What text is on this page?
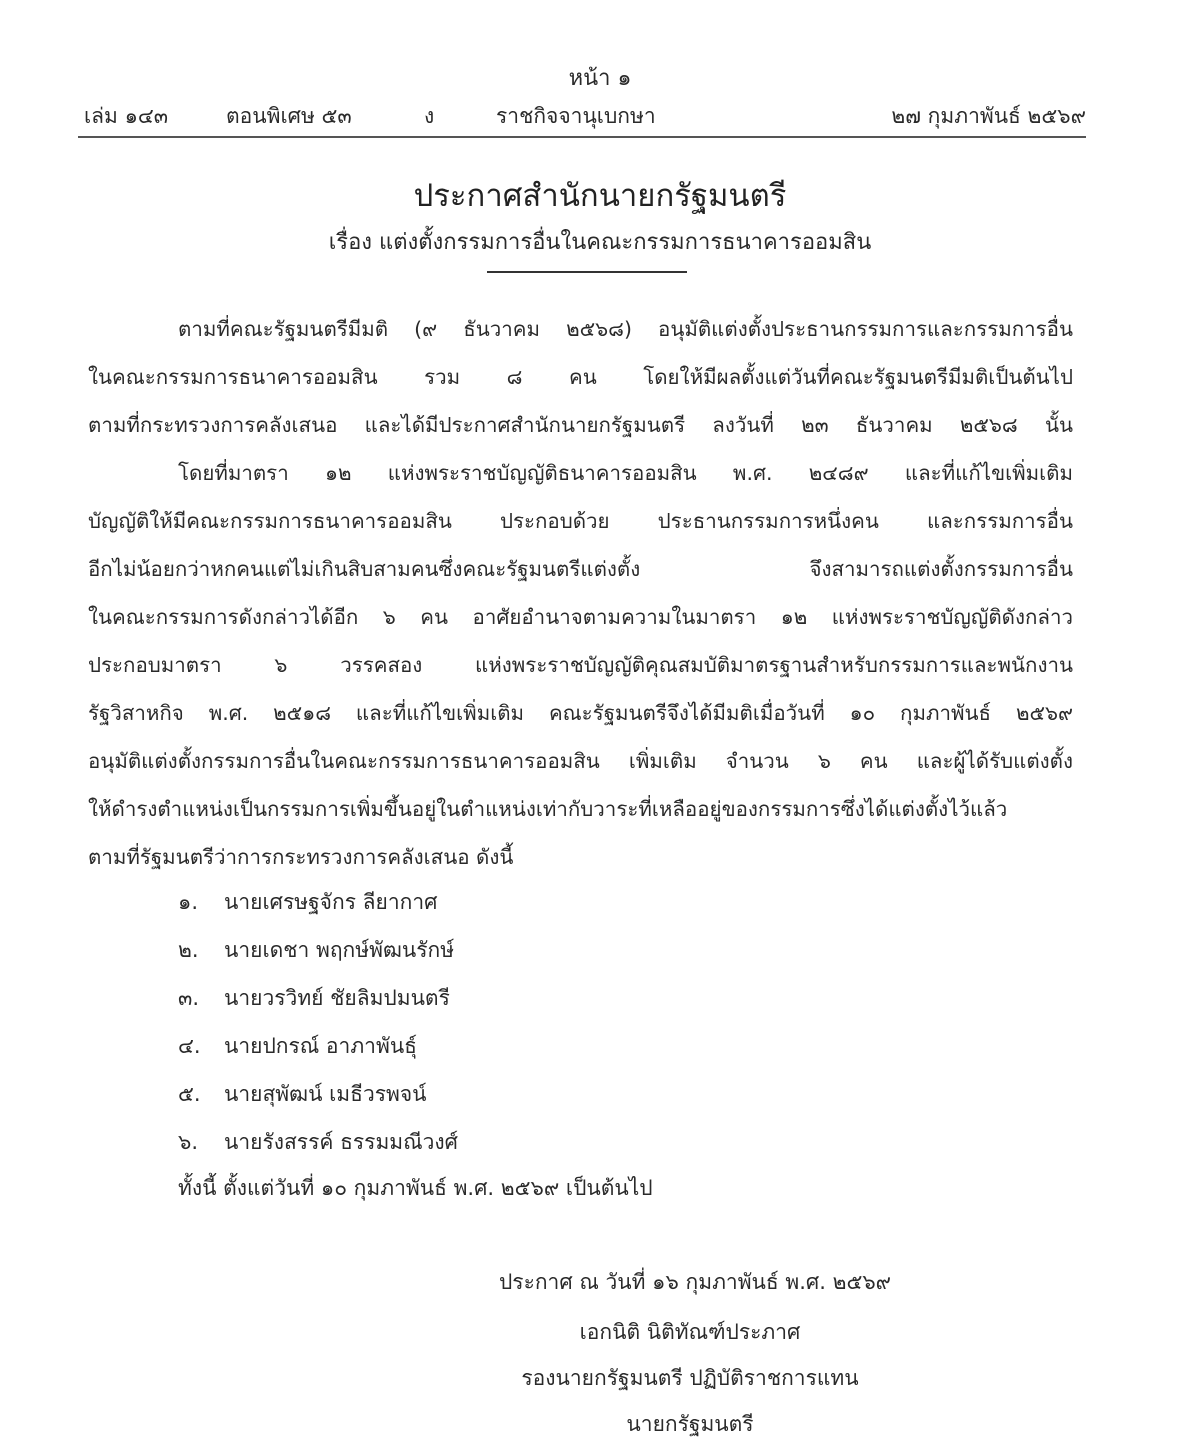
หน้า ๑
เล่ม ๑๔๓	ตอนพิเศษ ๕๓	ง	ราชกิจจานุเบกษา	๒๗ กุมภาพันธ์ ๒๕๖๙
ประกาศสำนักนายกรัฐมนตรี
เรื่อง แต่งตั้งกรรมการอื่นในคณะกรรมการธนาคารออมสิน
ตามที่คณะรัฐมนตรีมีมติ (๙ ธันวาคม ๒๕๖๘) อนุมัติแต่งตั้งประธานกรรมการและกรรมการอื่น
ในคณะกรรมการธนาคารออมสิน รวม ๘ คน โดยให้มีผลตั้งแต่วันที่คณะรัฐมนตรีมีมติเป็นต้นไป
ตามที่กระทรวงการคลังเสนอ และได้มีประกาศสำนักนายกรัฐมนตรี ลงวันที่ ๒๓ ธันวาคม ๒๕๖๘ นั้น
โดยที่มาตรา ๑๒ แห่งพระราชบัญญัติธนาคารออมสิน พ.ศ. ๒๔๘๙ และที่แก้ไขเพิ่มเติม
บัญญัติให้มีคณะกรรมการธนาคารออมสิน ประกอบด้วย ประธานกรรมการหนึ่งคน และกรรมการอื่น
อีกไม่น้อยกว่าหกคนแต่ไม่เกินสิบสามคนซึ่งคณะรัฐมนตรีแต่งตั้ง จึงสามารถแต่งตั้งกรรมการอื่น
ในคณะกรรมการดังกล่าวได้อีก ๖ คน อาศัยอำนาจตามความในมาตรา ๑๒ แห่งพระราชบัญญัติดังกล่าว
ประกอบมาตรา ๖ วรรคสอง แห่งพระราชบัญญัติคุณสมบัติมาตรฐานสำหรับกรรมการและพนักงาน
รัฐวิสาหกิจ พ.ศ. ๒๕๑๘ และที่แก้ไขเพิ่มเติม คณะรัฐมนตรีจึงได้มีมติเมื่อวันที่ ๑๐ กุมภาพันธ์ ๒๕๖๙
อนุมัติแต่งตั้งกรรมการอื่นในคณะกรรมการธนาคารออมสิน เพิ่มเติม จำนวน ๖ คน และผู้ได้รับแต่งตั้ง
ให้ดำรงตำแหน่งเป็นกรรมการเพิ่มขึ้นอยู่ในตำแหน่งเท่ากับวาระที่เหลืออยู่ของกรรมการซึ่งได้แต่งตั้งไว้แล้ว
ตามที่รัฐมนตรีว่าการกระทรวงการคลังเสนอ ดังนี้
๑. นายเศรษฐจักร ลียากาศ
๒. นายเดชา พฤกษ์พัฒนรักษ์
๓. นายวรวิทย์ ชัยลิมปมนตรี
๔. นายปกรณ์ อาภาพันธุ์
๕. นายสุพัฒน์ เมธีวรพจน์
๖. นายรังสรรค์ ธรรมมณีวงศ์
ทั้งนี้ ตั้งแต่วันที่ ๑๐ กุมภาพันธ์ พ.ศ. ๒๕๖๙ เป็นต้นไป
ประกาศ ณ วันที่ ๑๖ กุมภาพันธ์ พ.ศ. ๒๕๖๙
เอกนิติ นิติทัณฑ์ประภาศ
รองนายกรัฐมนตรี ปฏิบัติราชการแทน
นายกรัฐมนตรี
